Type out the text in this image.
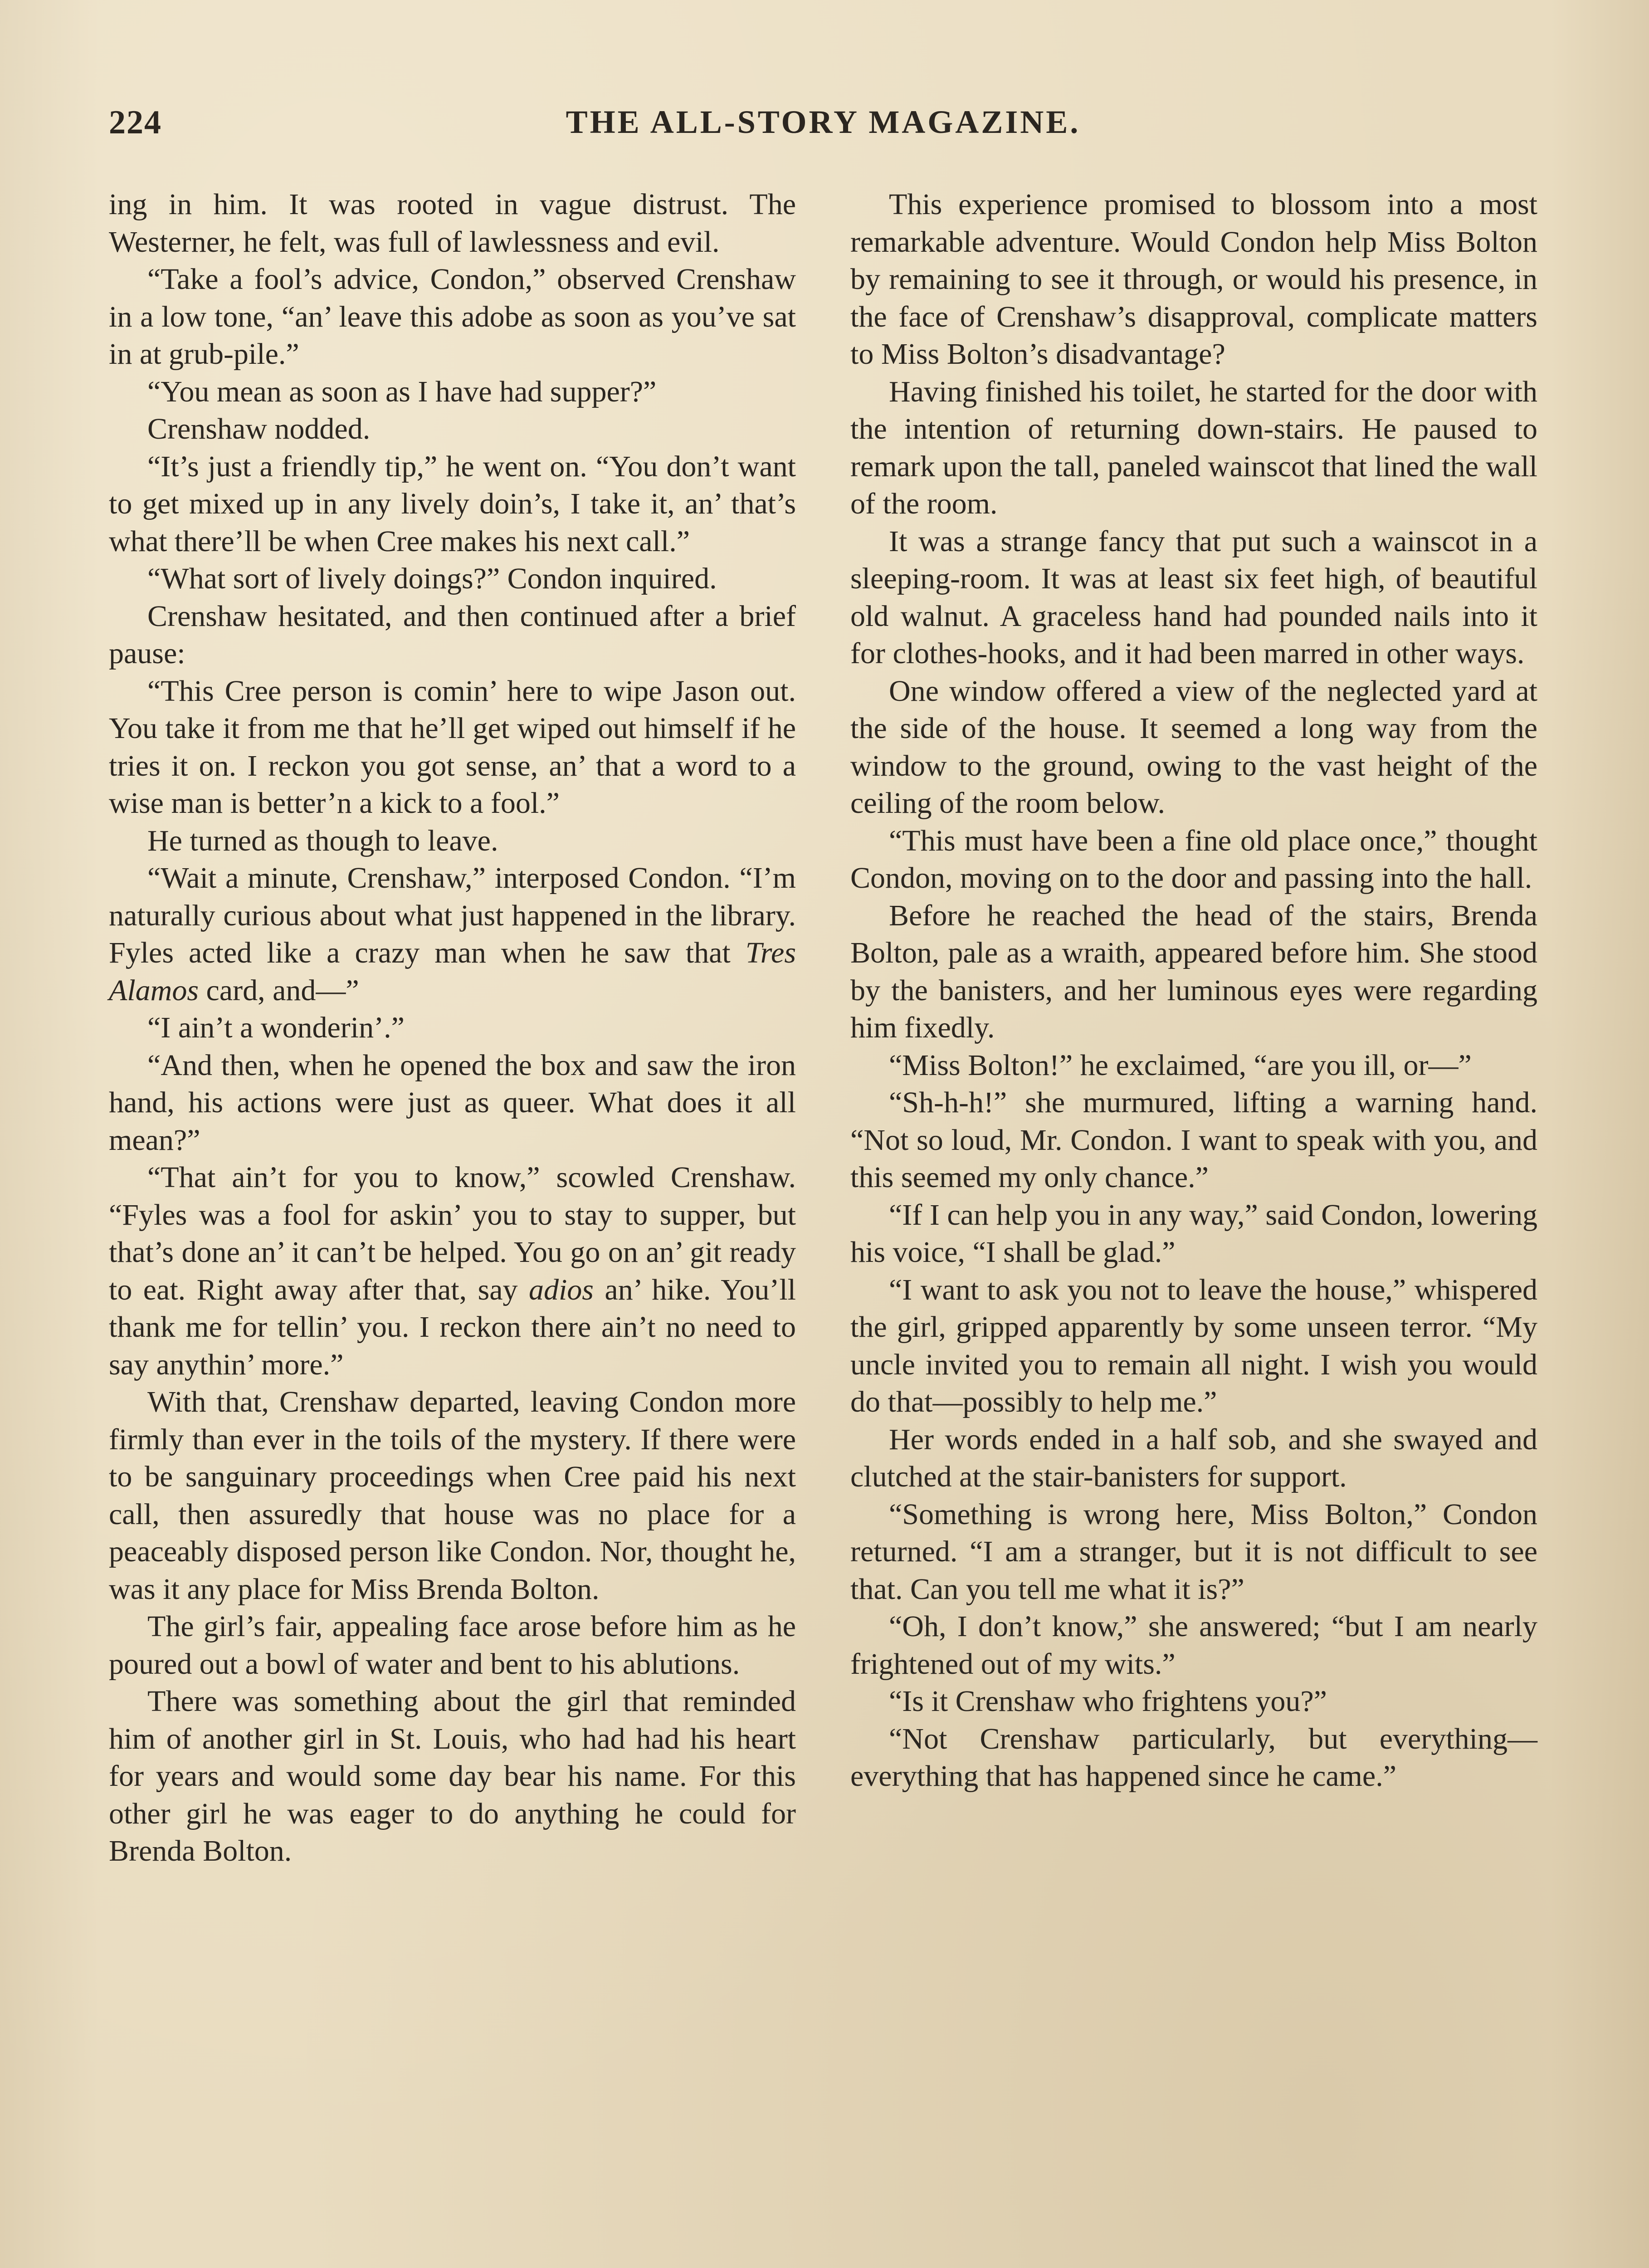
224	THE ALL-STORY MAGAZINE.

ing in him. It was rooted in vague distrust. The Westerner, he felt, was full of lawlessness and evil.

“Take a fool’s advice, Condon,” observed Crenshaw in a low tone, “an’ leave this adobe as soon as you’ve sat in at grub-pile.”

“You mean as soon as I have had supper?”

Crenshaw nodded.

“It’s just a friendly tip,” he went on. “You don’t want to get mixed up in any lively doin’s, I take it, an’ that’s what there’ll be when Cree makes his next call.”

“What sort of lively doings?” Condon inquired.

Crenshaw hesitated, and then continued after a brief pause:

“This Cree person is comin’ here to wipe Jason out. You take it from me that he’ll get wiped out himself if he tries it on. I reckon you got sense, an’ that a word to a wise man is better’n a kick to a fool.”

He turned as though to leave.

“Wait a minute, Crenshaw,” interposed Condon. “I’m naturally curious about what just happened in the library. Fyles acted like a crazy man when he saw that Tres Alamos card, and—”

“I ain’t a wonderin’.”

“And then, when he opened the box and saw the iron hand, his actions were just as queer. What does it all mean?”

“That ain’t for you to know,” scowled Crenshaw. “Fyles was a fool for askin’ you to stay to supper, but that’s done an’ it can’t be helped. You go on an’ git ready to eat. Right away after that, say adios an’ hike. You’ll thank me for tellin’ you. I reckon there ain’t no need to say anythin’ more.”

With that, Crenshaw departed, leaving Condon more firmly than ever in the toils of the mystery. If there were to be sanguinary proceedings when Cree paid his next call, then assuredly that house was no place for a peaceably disposed person like Condon. Nor, thought he, was it any place for Miss Brenda Bolton.

The girl’s fair, appealing face arose before him as he poured out a bowl of water and bent to his ablutions.

There was something about the girl that reminded him of another girl in St. Louis, who had had his heart for years and would some day bear his name. For this other girl he was eager to do anything he could for Brenda Bolton.

This experience promised to blossom into a most remarkable adventure. Would Condon help Miss Bolton by remaining to see it through, or would his presence, in the face of Crenshaw’s disapproval, complicate matters to Miss Bolton’s disadvantage?

Having finished his toilet, he started for the door with the intention of returning down-stairs. He paused to remark upon the tall, paneled wainscot that lined the wall of the room.

It was a strange fancy that put such a wainscot in a sleeping-room. It was at least six feet high, of beautiful old walnut. A graceless hand had pounded nails into it for clothes-hooks, and it had been marred in other ways.

One window offered a view of the neglected yard at the side of the house. It seemed a long way from the window to the ground, owing to the vast height of the ceiling of the room below.

“This must have been a fine old place once,” thought Condon, moving on to the door and passing into the hall.

Before he reached the head of the stairs, Brenda Bolton, pale as a wraith, appeared before him. She stood by the banisters, and her luminous eyes were regarding him fixedly.

“Miss Bolton!” he exclaimed, “are you ill, or—”

“Sh-h-h!” she murmured, lifting a warning hand. “Not so loud, Mr. Condon. I want to speak with you, and this seemed my only chance.”

“If I can help you in any way,” said Condon, lowering his voice, “I shall be glad.”

“I want to ask you not to leave the house,” whispered the girl, gripped apparently by some unseen terror. “My uncle invited you to remain all night. I wish you would do that—possibly to help me.”

Her words ended in a half sob, and she swayed and clutched at the stair-banisters for support.

“Something is wrong here, Miss Bolton,” Condon returned. “I am a stranger, but it is not difficult to see that. Can you tell me what it is?”

“Oh, I don’t know,” she answered; “but I am nearly frightened out of my wits.”

“Is it Crenshaw who frightens you?”

“Not Crenshaw particularly, but everything—everything that has happened since he came.”
